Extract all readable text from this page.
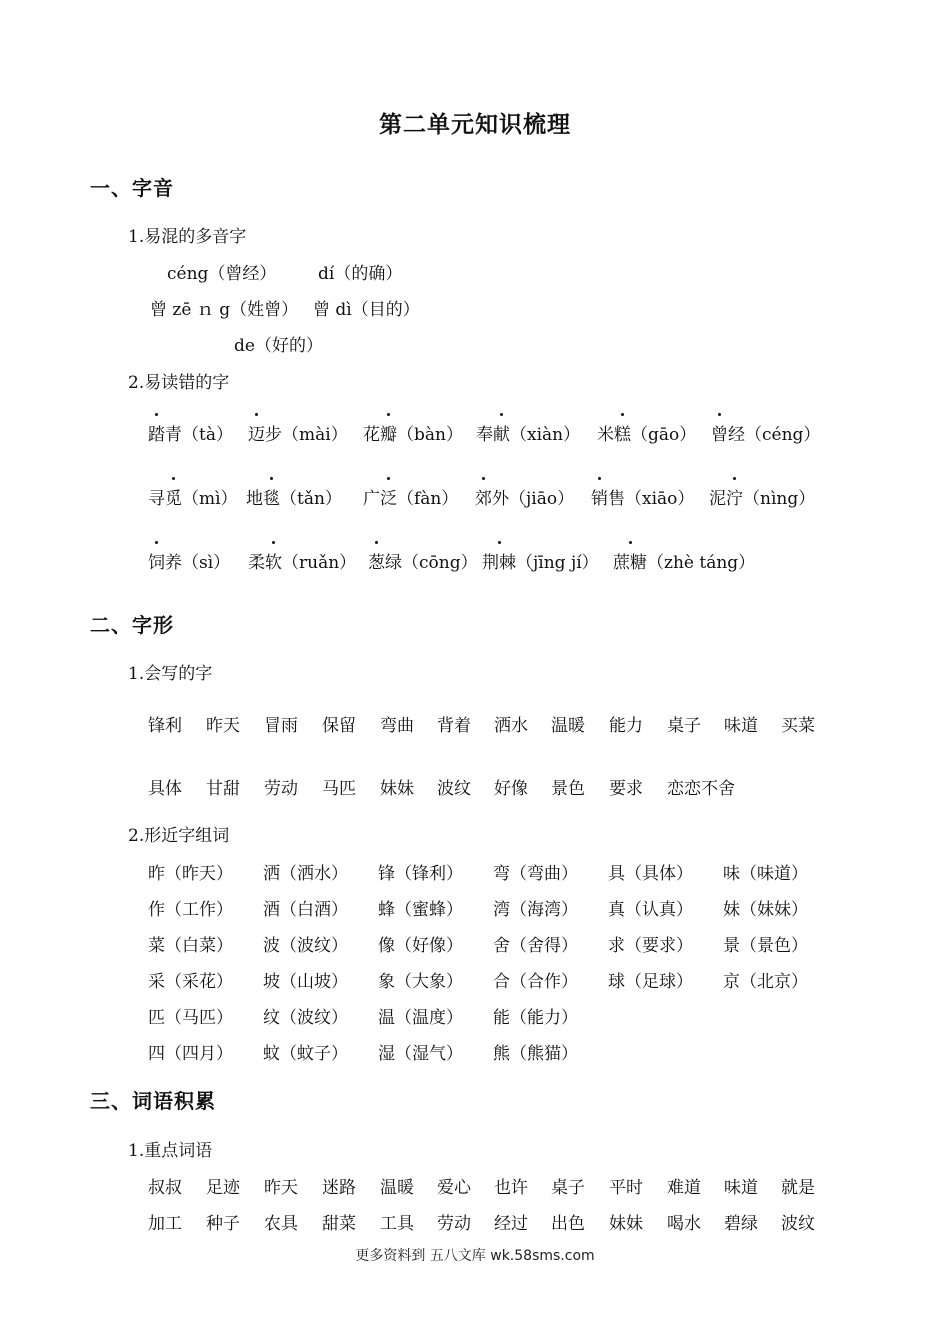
第二单元知识梳理
一、字音
1.易混的多音字
céng（曾经） dí（的确）
曾 zē ｎ g（姓曾） 曾 dì（目的）
de（好的）
2.易读错的字
踏青（tà） 迈步（mài） 花瓣（bàn） 奉献（xiàn） 米糕（gāo） 曾经（céng）
寻觅（mì） 地毯（tǎn） 广泛（fàn） 郊外（jiāo） 销售（xiāo） 泥泞（nìng）
饲养（sì） 柔软（ruǎn） 葱绿（cōng） 荆棘（jīng jí） 蔗糖（zhè táng）
二、字形
1.会写的字
锋利 昨天 冒雨 保留 弯曲 背着 洒水 温暖 能力 桌子 味道 买菜
具体 甘甜 劳动 马匹 妹妹 波纹 好像 景色 要求 恋恋不舍
2.形近字组词
昨（昨天） 洒（洒水） 锋（锋利） 弯（弯曲） 具（具体） 味（味道）
作（工作） 酒（白酒） 蜂（蜜蜂） 湾（海湾） 真（认真） 妹（妹妹）
菜（白菜） 波（波纹） 像（好像） 舍（舍得） 求（要求） 景（景色）
采（采花） 坡（山坡） 象（大象） 合（合作） 球（足球） 京（北京）
匹（马匹） 纹（波纹） 温（温度） 能（能力）
四（四月） 蚊（蚊子） 湿（湿气） 熊（熊猫）
三、词语积累
1.重点词语
叔叔 足迹 昨天 迷路 温暖 爱心 也许 桌子 平时 难道 味道 就是
加工 种子 农具 甜菜 工具 劳动 经过 出色 妹妹 喝水 碧绿 波纹
更多资料到 五八文库 wk.58sms.com
